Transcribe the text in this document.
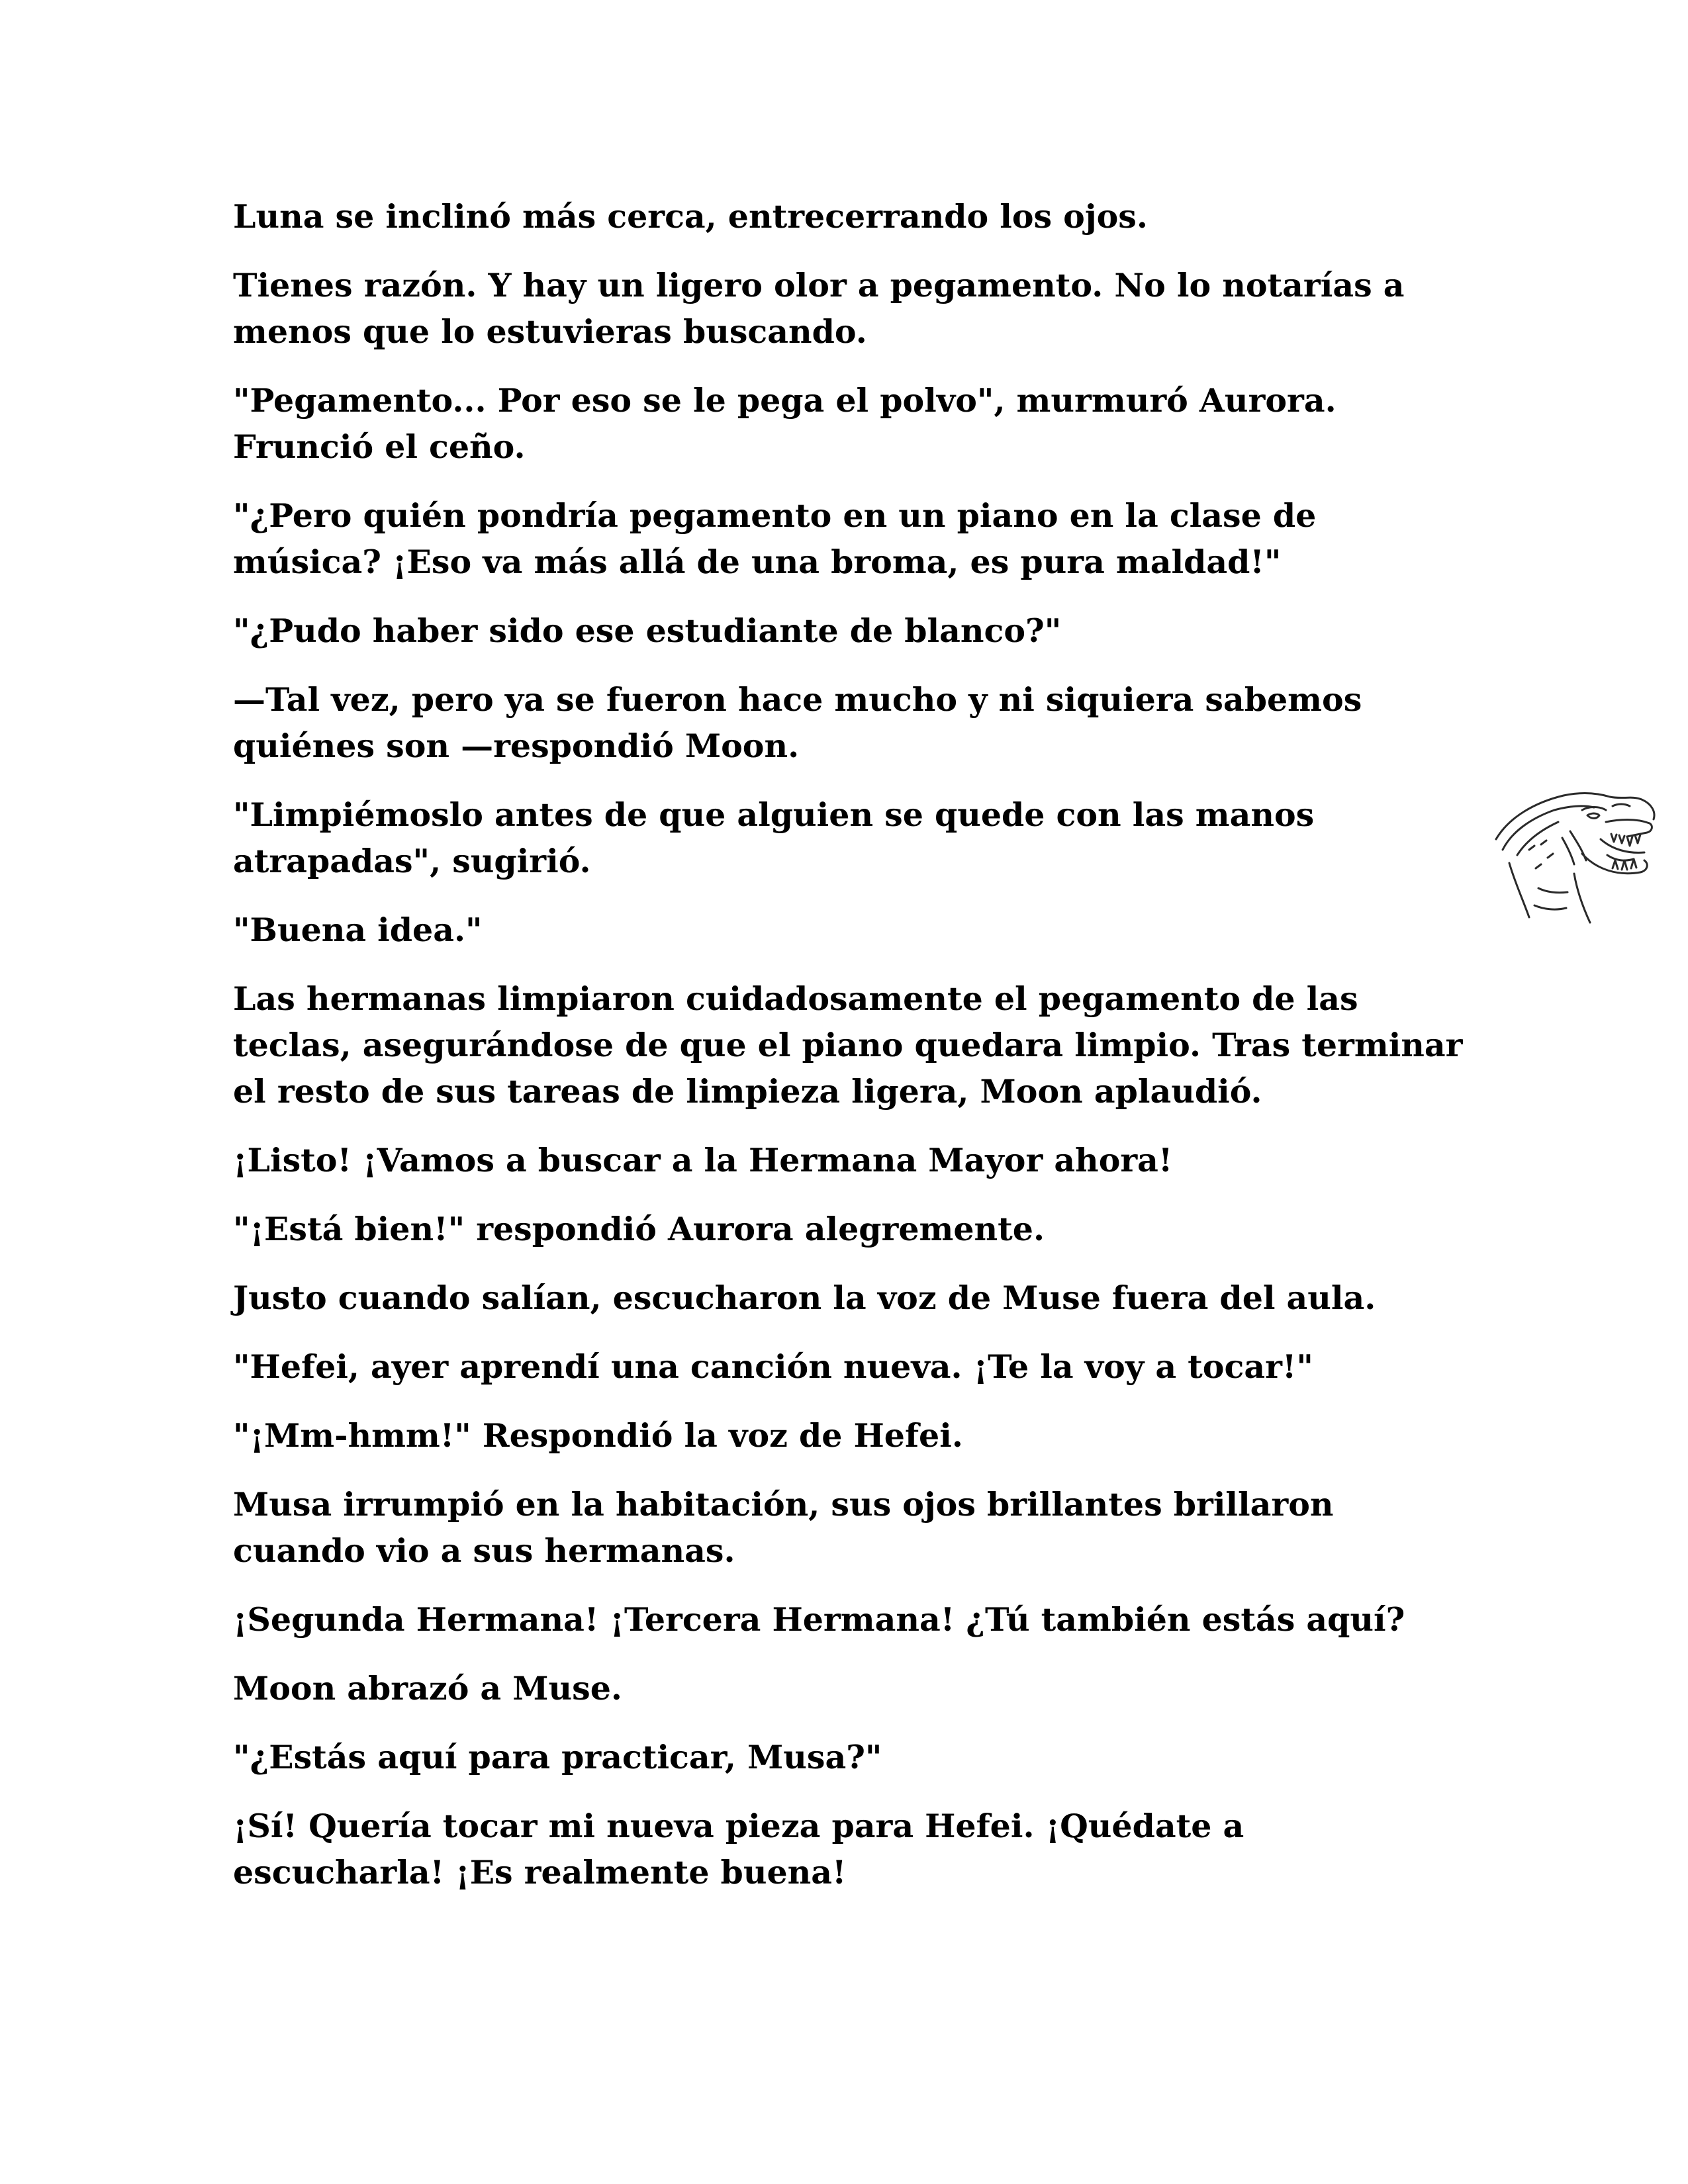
Luna se inclinó más cerca, entrecerrando los ojos.

Tienes razón. Y hay un ligero olor a pegamento. No lo notarías a menos que lo estuvieras buscando.

"Pegamento... Por eso se le pega el polvo", murmuró Aurora. Frunció el ceño.

"¿Pero quién pondría pegamento en un piano en la clase de música? ¡Eso va más allá de una broma, es pura maldad!"

"¿Pudo haber sido ese estudiante de blanco?"

—Tal vez, pero ya se fueron hace mucho y ni siquiera sabemos quiénes son —respondió Moon.

"Limpiémoslo antes de que alguien se quede con las manos atrapadas", sugirió.

"Buena idea."

Las hermanas limpiaron cuidadosamente el pegamento de las teclas, asegurándose de que el piano quedara limpio. Tras terminar el resto de sus tareas de limpieza ligera, Moon aplaudió.

¡Listo! ¡Vamos a buscar a la Hermana Mayor ahora!

"¡Está bien!" respondió Aurora alegremente.

Justo cuando salían, escucharon la voz de Muse fuera del aula.

"Hefei, ayer aprendí una canción nueva. ¡Te la voy a tocar!"

"¡Mm-hmm!" Respondió la voz de Hefei.

Musa irrumpió en la habitación, sus ojos brillantes brillaron cuando vio a sus hermanas.

¡Segunda Hermana! ¡Tercera Hermana! ¿Tú también estás aquí?

Moon abrazó a Muse.

"¿Estás aquí para practicar, Musa?"

¡Sí! Quería tocar mi nueva pieza para Hefei. ¡Quédate a escucharla! ¡Es realmente buena!
